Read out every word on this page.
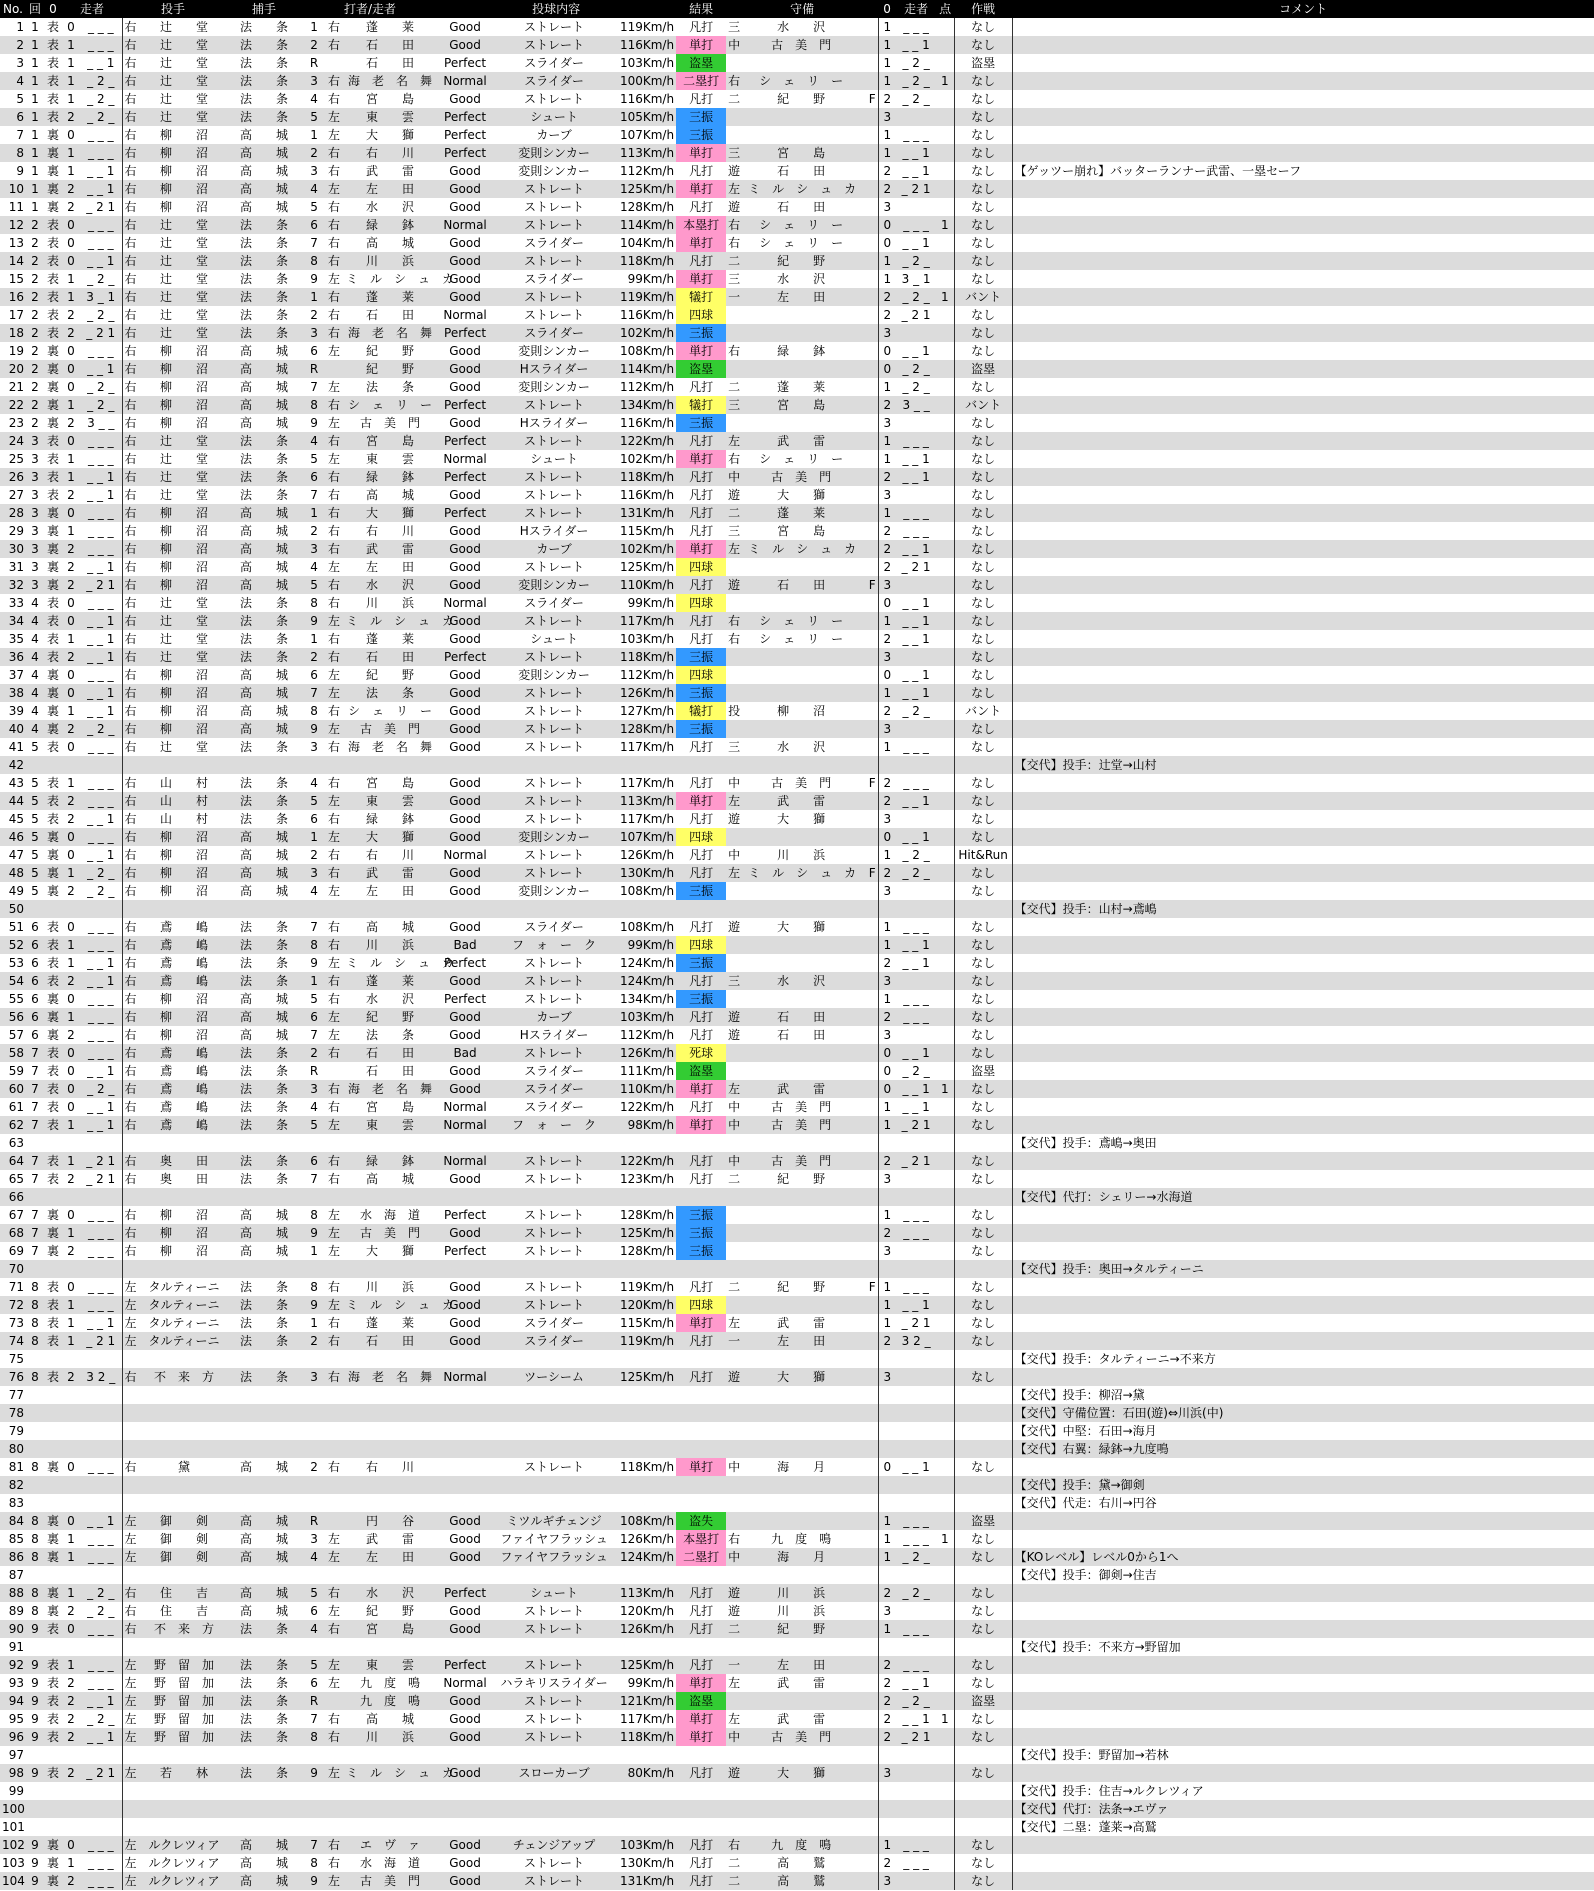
No.	回	0	走者		投手		捕手	打者/走者			投球内容			結果	守備			0	走者	点	作戦	コメント
1	1	表	0	_ _ _	右	辻　　堂	法　　条	1	右	蓬　　莱	Good	ストレート	119Km/h	凡打	三	水　　沢		1	_ _ _		なし	
2	1	表	1	_ _ _	右	辻　　堂	法　　条	2	右	石　　田	Good	ストレート	116Km/h	単打	中	古　美　門		1	_ _ 1		なし	
3	1	表	1	_ _ 1	右	辻　　堂	法　　条	R		石　　田	Perfect	スライダー	103Km/h	盗塁				1	_ 2 _		盗塁	
4	1	表	1	_ 2 _	右	辻　　堂	法　　条	3	右	海　老　名　舞	Normal	スライダー	100Km/h	二塁打	右	シ　ェ　リ　ー		1	_ 2 _	1	なし	
5	1	表	1	_ 2 _	右	辻　　堂	法　　条	4	右	宮　　島	Good	ストレート	116Km/h	凡打	二	紀　　野	F	2	_ 2 _		なし	
6	1	表	2	_ 2 _	右	辻　　堂	法　　条	5	左	東　　雲	Perfect	シュート	105Km/h	三振				3			なし	
7	1	裏	0	_ _ _	右	柳　　沼	高　　城	1	左	大　　獅	Perfect	カーブ	107Km/h	三振				1	_ _ _		なし	
8	1	裏	1	_ _ _	右	柳　　沼	高　　城	2	右	右　　川	Perfect	変則シンカー	113Km/h	単打	三	宮　　島		1	_ _ 1		なし	
9	1	裏	1	_ _ 1	右	柳　　沼	高　　城	3	右	武　　雷	Good	変則シンカー	112Km/h	凡打	遊	石　　田		2	_ _ 1		なし	【ゲッツー崩れ】バッターランナー武雷、一塁セーフ
10	1	裏	2	_ _ 1	右	柳　　沼	高　　城	4	左	左　　田	Good	ストレート	125Km/h	単打	左	ミ　ル　シ　ュ　カ		2	_ 2 1		なし	
11	1	裏	2	_ 2 1	右	柳　　沼	高　　城	5	右	水　　沢	Good	ストレート	128Km/h	凡打	遊	石　　田		3			なし	
12	2	表	0	_ _ _	右	辻　　堂	法　　条	6	右	緑　　鉢	Normal	ストレート	114Km/h	本塁打	右	シ　ェ　リ　ー		0	_ _ _	1	なし	
13	2	表	0	_ _ _	右	辻　　堂	法　　条	7	右	高　　城	Good	スライダー	104Km/h	単打	右	シ　ェ　リ　ー		0	_ _ 1		なし	
14	2	表	0	_ _ 1	右	辻　　堂	法　　条	8	右	川　　浜	Good	ストレート	118Km/h	凡打	二	紀　　野		1	_ 2 _		なし	
15	2	表	1	_ 2 _	右	辻　　堂	法　　条	9	左	ミ　ル　シ　ュ　カ	Good	スライダー	99Km/h	単打	三	水　　沢		1	3 _ 1		なし	
16	2	表	1	3 _ 1	右	辻　　堂	法　　条	1	右	蓬　　莱	Good	ストレート	119Km/h	犠打	一	左　　田		2	_ 2 _	1	バント	
17	2	表	2	_ 2 _	右	辻　　堂	法　　条	2	右	石　　田	Normal	ストレート	116Km/h	四球				2	_ 2 1		なし	
18	2	表	2	_ 2 1	右	辻　　堂	法　　条	3	右	海　老　名　舞	Perfect	スライダー	102Km/h	三振				3			なし	
19	2	裏	0	_ _ _	右	柳　　沼	高　　城	6	左	紀　　野	Good	変則シンカー	108Km/h	単打	右	緑　　鉢		0	_ _ 1		なし	
20	2	裏	0	_ _ 1	右	柳　　沼	高　　城	R		紀　　野	Good	Hスライダー	114Km/h	盗塁				0	_ 2 _		盗塁	
21	2	裏	0	_ 2 _	右	柳　　沼	高　　城	7	左	法　　条	Good	変則シンカー	112Km/h	凡打	二	蓬　　莱		1	_ 2 _		なし	
22	2	裏	1	_ 2 _	右	柳　　沼	高　　城	8	右	シ　ェ　リ　ー	Perfect	ストレート	134Km/h	犠打	三	宮　　島		2	3 _ _		バント	
23	2	裏	2	3 _ _	右	柳　　沼	高　　城	9	左	古　美　門	Good	Hスライダー	116Km/h	三振				3			なし	
24	3	表	0	_ _ _	右	辻　　堂	法　　条	4	右	宮　　島	Perfect	ストレート	122Km/h	凡打	左	武　　雷		1	_ _ _		なし	
25	3	表	1	_ _ _	右	辻　　堂	法　　条	5	左	東　　雲	Normal	シュート	102Km/h	単打	右	シ　ェ　リ　ー		1	_ _ 1		なし	
26	3	表	1	_ _ 1	右	辻　　堂	法　　条	6	右	緑　　鉢	Perfect	ストレート	118Km/h	凡打	中	古　美　門		2	_ _ 1		なし	
27	3	表	2	_ _ 1	右	辻　　堂	法　　条	7	右	高　　城	Good	ストレート	116Km/h	凡打	遊	大　　獅		3			なし	
28	3	裏	0	_ _ _	右	柳　　沼	高　　城	1	右	大　　獅	Perfect	ストレート	131Km/h	凡打	二	蓬　　莱		1	_ _ _		なし	
29	3	裏	1	_ _ _	右	柳　　沼	高　　城	2	右	右　　川	Good	Hスライダー	115Km/h	凡打	三	宮　　島		2	_ _ _		なし	
30	3	裏	2	_ _ _	右	柳　　沼	高　　城	3	右	武　　雷	Good	カーブ	102Km/h	単打	左	ミ　ル　シ　ュ　カ		2	_ _ 1		なし	
31	3	裏	2	_ _ 1	右	柳　　沼	高　　城	4	左	左　　田	Good	ストレート	125Km/h	四球				2	_ 2 1		なし	
32	3	裏	2	_ 2 1	右	柳　　沼	高　　城	5	右	水　　沢	Good	変則シンカー	110Km/h	凡打	遊	石　　田	F	3			なし	
33	4	表	0	_ _ _	右	辻　　堂	法　　条	8	右	川　　浜	Normal	スライダー	99Km/h	四球				0	_ _ 1		なし	
34	4	表	0	_ _ 1	右	辻　　堂	法　　条	9	左	ミ　ル　シ　ュ　カ	Good	ストレート	117Km/h	凡打	右	シ　ェ　リ　ー		1	_ _ 1		なし	
35	4	表	1	_ _ 1	右	辻　　堂	法　　条	1	右	蓬　　莱	Good	シュート	103Km/h	凡打	右	シ　ェ　リ　ー		2	_ _ 1		なし	
36	4	表	2	_ _ 1	右	辻　　堂	法　　条	2	右	石　　田	Perfect	ストレート	118Km/h	三振				3			なし	
37	4	裏	0	_ _ _	右	柳　　沼	高　　城	6	左	紀　　野	Good	変則シンカー	112Km/h	四球				0	_ _ 1		なし	
38	4	裏	0	_ _ 1	右	柳　　沼	高　　城	7	左	法　　条	Good	ストレート	126Km/h	三振				1	_ _ 1		なし	
39	4	裏	1	_ _ 1	右	柳　　沼	高　　城	8	右	シ　ェ　リ　ー	Good	ストレート	127Km/h	犠打	投	柳　　沼		2	_ 2 _		バント	
40	4	裏	2	_ 2 _	右	柳　　沼	高　　城	9	左	古　美　門	Good	ストレート	128Km/h	三振				3			なし	
41	5	表	0	_ _ _	右	辻　　堂	法　　条	3	右	海　老　名　舞	Good	ストレート	117Km/h	凡打	三	水　　沢		1	_ _ _		なし	
42																						【交代】投手：辻堂→山村
43	5	表	1	_ _ _	右	山　　村	法　　条	4	右	宮　　島	Good	ストレート	117Km/h	凡打	中	古　美　門	F	2	_ _ _		なし	
44	5	表	2	_ _ _	右	山　　村	法　　条	5	左	東　　雲	Good	ストレート	113Km/h	単打	左	武　　雷		2	_ _ 1		なし	
45	5	表	2	_ _ 1	右	山　　村	法　　条	6	右	緑　　鉢	Good	ストレート	117Km/h	凡打	遊	大　　獅		3			なし	
46	5	裏	0	_ _ _	右	柳　　沼	高　　城	1	左	大　　獅	Good	変則シンカー	107Km/h	四球				0	_ _ 1		なし	
47	5	裏	0	_ _ 1	右	柳　　沼	高　　城	2	右	右　　川	Normal	ストレート	126Km/h	凡打	中	川　　浜		1	_ 2 _		Hit&Run	
48	5	裏	1	_ 2 _	右	柳　　沼	高　　城	3	右	武　　雷	Good	ストレート	130Km/h	凡打	左	ミ　ル　シ　ュ　カ	F	2	_ 2 _		なし	
49	5	裏	2	_ 2 _	右	柳　　沼	高　　城	4	左	左　　田	Good	変則シンカー	108Km/h	三振				3			なし	
50																						【交代】投手：山村→鳶嶋
51	6	表	0	_ _ _	右	鳶　　嶋	法　　条	7	右	高　　城	Good	スライダー	108Km/h	凡打	遊	大　　獅		1	_ _ _		なし	
52	6	表	1	_ _ _	右	鳶　　嶋	法　　条	8	右	川　　浜	Bad	フ　ォ　ー　ク	99Km/h	四球				1	_ _ 1		なし	
53	6	表	1	_ _ 1	右	鳶　　嶋	法　　条	9	左	ミ　ル　シ　ュ　カ	Perfect	ストレート	124Km/h	三振				2	_ _ 1		なし	
54	6	表	2	_ _ 1	右	鳶　　嶋	法　　条	1	右	蓬　　莱	Good	ストレート	124Km/h	凡打	三	水　　沢		3			なし	
55	6	裏	0	_ _ _	右	柳　　沼	高　　城	5	右	水　　沢	Perfect	ストレート	134Km/h	三振				1	_ _ _		なし	
56	6	裏	1	_ _ _	右	柳　　沼	高　　城	6	左	紀　　野	Good	カーブ	103Km/h	凡打	遊	石　　田		2	_ _ _		なし	
57	6	裏	2	_ _ _	右	柳　　沼	高　　城	7	左	法　　条	Good	Hスライダー	112Km/h	凡打	遊	石　　田		3			なし	
58	7	表	0	_ _ _	右	鳶　　嶋	法　　条	2	右	石　　田	Bad	ストレート	126Km/h	死球				0	_ _ 1		なし	
59	7	表	0	_ _ 1	右	鳶　　嶋	法　　条	R		石　　田	Good	スライダー	111Km/h	盗塁				0	_ 2 _		盗塁	
60	7	表	0	_ 2 _	右	鳶　　嶋	法　　条	3	右	海　老　名　舞	Good	スライダー	110Km/h	単打	左	武　　雷		0	_ _ 1	1	なし	
61	7	表	0	_ _ 1	右	鳶　　嶋	法　　条	4	右	宮　　島	Normal	スライダー	122Km/h	凡打	中	古　美　門		1	_ _ 1		なし	
62	7	表	1	_ _ 1	右	鳶　　嶋	法　　条	5	左	東　　雲	Normal	フ　ォ　ー　ク	98Km/h	単打	中	古　美　門		1	_ 2 1		なし	
63																						【交代】投手：鳶嶋→奥田
64	7	表	1	_ 2 1	右	奥　　田	法　　条	6	右	緑　　鉢	Normal	ストレート	122Km/h	凡打	中	古　美　門		2	_ 2 1		なし	
65	7	表	2	_ 2 1	右	奥　　田	法　　条	7	右	高　　城	Good	ストレート	123Km/h	凡打	二	紀　　野		3			なし	
66																						【交代】代打：シェリー→水海道
67	7	裏	0	_ _ _	右	柳　　沼	高　　城	8	左	水　海　道	Perfect	ストレート	128Km/h	三振				1	_ _ _		なし	
68	7	裏	1	_ _ _	右	柳　　沼	高　　城	9	左	古　美　門	Good	ストレート	125Km/h	三振				2	_ _ _		なし	
69	7	裏	2	_ _ _	右	柳　　沼	高　　城	1	左	大　　獅	Perfect	ストレート	128Km/h	三振				3			なし	
70																						【交代】投手：奥田→タルティーニ
71	8	表	0	_ _ _	左	タルティーニ	法　　条	8	右	川　　浜	Good	ストレート	119Km/h	凡打	二	紀　　野	F	1	_ _ _		なし	
72	8	表	1	_ _ _	左	タルティーニ	法　　条	9	左	ミ　ル　シ　ュ　カ	Good	ストレート	120Km/h	四球				1	_ _ 1		なし	
73	8	表	1	_ _ 1	左	タルティーニ	法　　条	1	右	蓬　　莱	Good	スライダー	115Km/h	単打	左	武　　雷		1	_ 2 1		なし	
74	8	表	1	_ 2 1	左	タルティーニ	法　　条	2	右	石　　田	Good	スライダー	119Km/h	凡打	一	左　　田		2	3 2 _		なし	
75																						【交代】投手：タルティーニ→不来方
76	8	表	2	3 2 _	右	不　来　方	法　　条	3	右	海　老　名　舞	Normal	ツーシーム	125Km/h	凡打	遊	大　　獅		3			なし	
77																						【交代】投手：柳沼→黛
78																						【交代】守備位置：石田(遊)⇔川浜(中)
79																						【交代】中堅：石田→海月
80																						【交代】右翼：緑鉢→九度鳴
81	8	裏	0	_ _ _	右	黛	高　　城	2	右	右　　川		ストレート	118Km/h	単打	中	海　　月		0	_ _ 1		なし	
82																						【交代】投手：黛→御剣
83																						【交代】代走：右川→円谷
84	8	裏	0	_ _ 1	左	御　　剣	高　　城	R		円　　谷	Good	ミツルギチェンジ	108Km/h	盗失				1	_ _ _		盗塁	
85	8	裏	1	_ _ _	左	御　　剣	高　　城	3	左	武　　雷	Good	ファイヤフラッシュ	126Km/h	本塁打	右	九　度　鳴		1	_ _ _	1	なし	
86	8	裏	1	_ _ _	左	御　　剣	高　　城	4	左	左　　田	Good	ファイヤフラッシュ	124Km/h	二塁打	中	海　　月		1	_ 2 _		なし	【KOレベル】レベル0から1へ
87																						【交代】投手：御剣→住吉
88	8	裏	1	_ 2 _	右	住　　吉	高　　城	5	右	水　　沢	Perfect	シュート	113Km/h	凡打	遊	川　　浜		2	_ 2 _		なし	
89	8	裏	2	_ 2 _	右	住　　吉	高　　城	6	左	紀　　野	Good	ストレート	120Km/h	凡打	遊	川　　浜		3			なし	
90	9	表	0	_ _ _	右	不　来　方	法　　条	4	右	宮　　島	Good	ストレート	126Km/h	凡打	二	紀　　野		1	_ _ _		なし	
91																						【交代】投手：不来方→野留加
92	9	表	1	_ _ _	左	野　留　加	法　　条	5	左	東　　雲	Perfect	ストレート	125Km/h	凡打	一	左　　田		2	_ _ _		なし	
93	9	表	2	_ _ _	左	野　留　加	法　　条	6	左	九　度　鳴	Normal	ハラキリスライダー	99Km/h	単打	左	武　　雷		2	_ _ 1		なし	
94	9	表	2	_ _ 1	左	野　留　加	法　　条	R		九　度　鳴	Good	ストレート	121Km/h	盗塁				2	_ 2 _		盗塁	
95	9	表	2	_ 2 _	左	野　留　加	法　　条	7	右	高　　城	Good	ストレート	117Km/h	単打	左	武　　雷		2	_ _ 1	1	なし	
96	9	表	2	_ _ 1	左	野　留　加	法　　条	8	右	川　　浜	Good	ストレート	118Km/h	単打	中	古　美　門		2	_ 2 1		なし	
97																						【交代】投手：野留加→若林
98	9	表	2	_ 2 1	左	若　　林	法　　条	9	左	ミ　ル　シ　ュ　カ	Good	スローカーブ	80Km/h	凡打	遊	大　　獅		3			なし	
99																						【交代】投手：住吉→ルクレツィア
100																						【交代】代打：法条→エヴァ
101																						【交代】二塁：蓬莱→高鷲
102	9	裏	0	_ _ _	左	ルクレツィア	高　　城	7	右	エ　ヴ　ァ	Good	チェンジアップ	103Km/h	凡打	右	九　度　鳴		1	_ _ _		なし	
103	9	裏	1	_ _ _	左	ルクレツィア	高　　城	8	右	水　海　道	Good	ストレート	130Km/h	凡打	二	高　　鷲		2	_ _ _		なし	
104	9	裏	2	_ _ _	左	ルクレツィア	高　　城	9	左	古　美　門	Good	ストレート	131Km/h	凡打	二	高　　鷲		3			なし	
